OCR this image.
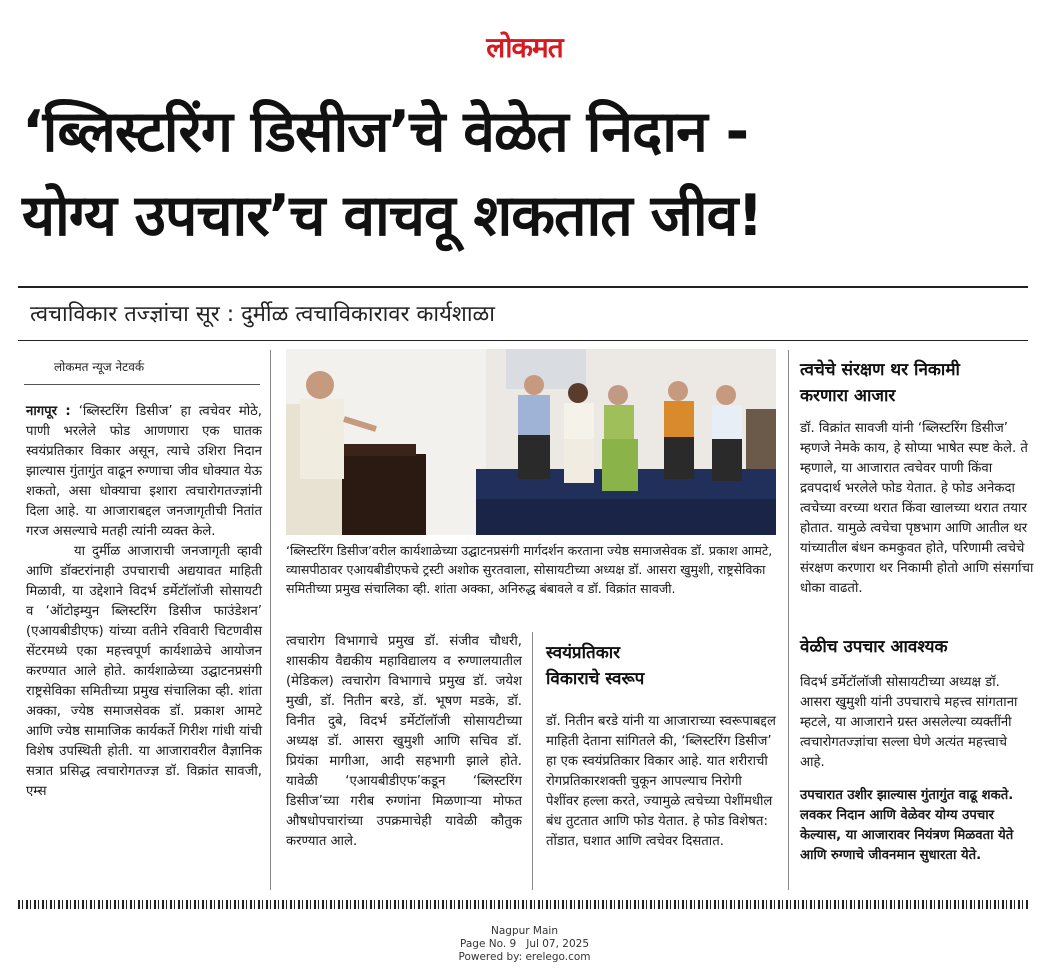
लोकमत
‘ब्लिस्टरिंग डिसीज’चे वेळेत निदान -
योग्य उपचार’च वाचवू शकतात जीव!
त्वचाविकार तज्ज्ञांचा सूर : दुर्मीळ त्वचाविकारावर कार्यशाळा
लोकमत न्यूज नेटवर्क

नागपूर : ‘ब्लिस्टरिंग डिसीज’ हा त्वचेवर मोठे, पाणी भरलेले फोड आणणारा एक घातक स्वयंप्रतिकार विकार असून, त्याचे उशिरा निदान झाल्यास गुंतागुंत वाढून रुग्णाचा जीव धोक्यात येऊ शकतो, असा धोक्याचा इशारा त्वचारोगतज्ज्ञांनी दिला आहे. या आजाराबद्दल जनजागृतीची नितांत गरज असल्याचे मतही त्यांनी व्यक्त केले.

या दुर्मीळ आजाराची जनजागृती व्हावी आणि डॉक्टरांनाही उपचाराची अद्ययावत माहिती मिळावी, या उद्देशाने विदर्भ डर्मेटॉलॉजी सोसायटी व ‘ऑटोइम्युन ब्लिस्टरिंग डिसीज फाउंडेशन’ (एआयबीडीएफ) यांच्या वतीने रविवारी चिटणवीस सेंटरमध्ये एका महत्त्वपूर्ण कार्यशाळेचे आयोजन करण्यात आले होते. कार्यशाळेच्या उद्घाटनप्रसंगी राष्ट्रसेविका समितीच्या प्रमुख संचालिका व्ही. शांता अक्का, ज्येष्ठ समाजसेवक डॉ. प्रकाश आमटे आणि ज्येष्ठ सामाजिक कार्यकर्ते गिरीश गांधी यांची विशेष उपस्थिती होती. या आजारावरील वैज्ञानिक सत्रात प्रसिद्ध त्वचारोगतज्ज्ञ डॉ. विक्रांत सावजी, एम्स

‘ब्लिस्टरिंग डिसीज’वरील कार्यशाळेच्या उद्घाटनप्रसंगी मार्गदर्शन करताना ज्येष्ठ समाजसेवक डॉ. प्रकाश आमटे, व्यासपीठावर एआयबीडीएफचे ट्रस्टी अशोक सुरतवाला, सोसायटीच्या अध्यक्ष डॉ. आसरा खुमुशी, राष्ट्रसेविका समितीच्या प्रमुख संचालिका व्ही. शांता अक्का, अनिरुद्ध बंबावले व डॉ. विक्रांत सावजी.

त्वचारोग विभागाचे प्रमुख डॉ. संजीव चौधरी, शासकीय वैद्यकीय महाविद्यालय व रुग्णालयातील (मेडिकल) त्वचारोग विभागाचे प्रमुख डॉ. जयेश मुखी, डॉ. नितीन बरडे, डॉ. भूषण मडके, डॉ. विनीत दुबे, विदर्भ डर्मेटॉलॉजी सोसायटीच्या अध्यक्ष डॉ. आसरा खुमुशी आणि सचिव डॉ. प्रियंका मागीआ, आदी सहभागी झाले होते. यावेळी ‘एआयबीडीएफ’कडून ‘ब्लिस्टरिंग डिसीज’च्या गरीब रुग्णांना मिळणाऱ्या मोफत औषधोपचारांच्या उपक्रमाचेही यावेळी कौतुक करण्यात आले.

स्वयंप्रतिकार
विकाराचे स्वरूप

डॉ. नितीन बरडे यांनी या आजाराच्या स्वरूपाबद्दल माहिती देताना सांगितले की, ‘ब्लिस्टरिंग डिसीज’ हा एक स्वयंप्रतिकार विकार आहे. यात शरीराची रोगप्रतिकारशक्ती चुकून आपल्याच निरोगी पेशींवर हल्ला करते, ज्यामुळे त्वचेच्या पेशींमधील बंध तुटतात आणि फोड येतात. हे फोड विशेषत: तोंडात, घशात आणि त्वचेवर दिसतात.

त्वचेचे संरक्षण थर निकामी
करणारा आजार

डॉ. विक्रांत सावजी यांनी ‘ब्लिस्टरिंग डिसीज’ म्हणजे नेमके काय, हे सोप्या भाषेत स्पष्ट केले. ते म्हणाले, या आजारात त्वचेवर पाणी किंवा द्रवपदार्थ भरलेले फोड येतात. हे फोड अनेकदा त्वचेच्या वरच्या थरात किंवा खालच्या थरात तयार होतात. यामुळे त्वचेचा पृष्ठभाग आणि आतील थर यांच्यातील बंधन कमकुवत होते, परिणामी त्वचेचे संरक्षण करणारा थर निकामी होतो आणि संसर्गाचा धोका वाढतो.

वेळीच उपचार आवश्यक

विदर्भ डर्मेटॉलॉजी सोसायटीच्या अध्यक्ष डॉ. आसरा खुमुशी यांनी उपचाराचे महत्त्व सांगताना म्हटले, या आजाराने ग्रस्त असलेल्या व्यक्तींनी त्वचारोगतज्ज्ञांचा सल्ला घेणे अत्यंत महत्त्वाचे आहे.

उपचारात उशीर झाल्यास गुंतागुंत वाढू शकते. लवकर निदान आणि वेळेवर योग्य उपचार केल्यास, या आजारावर नियंत्रण मिळवता येते आणि रुग्णाचे जीवनमान सुधारता येते.

Nagpur Main
Page No. 9 Jul 07, 2025
Powered by: erelego.com
